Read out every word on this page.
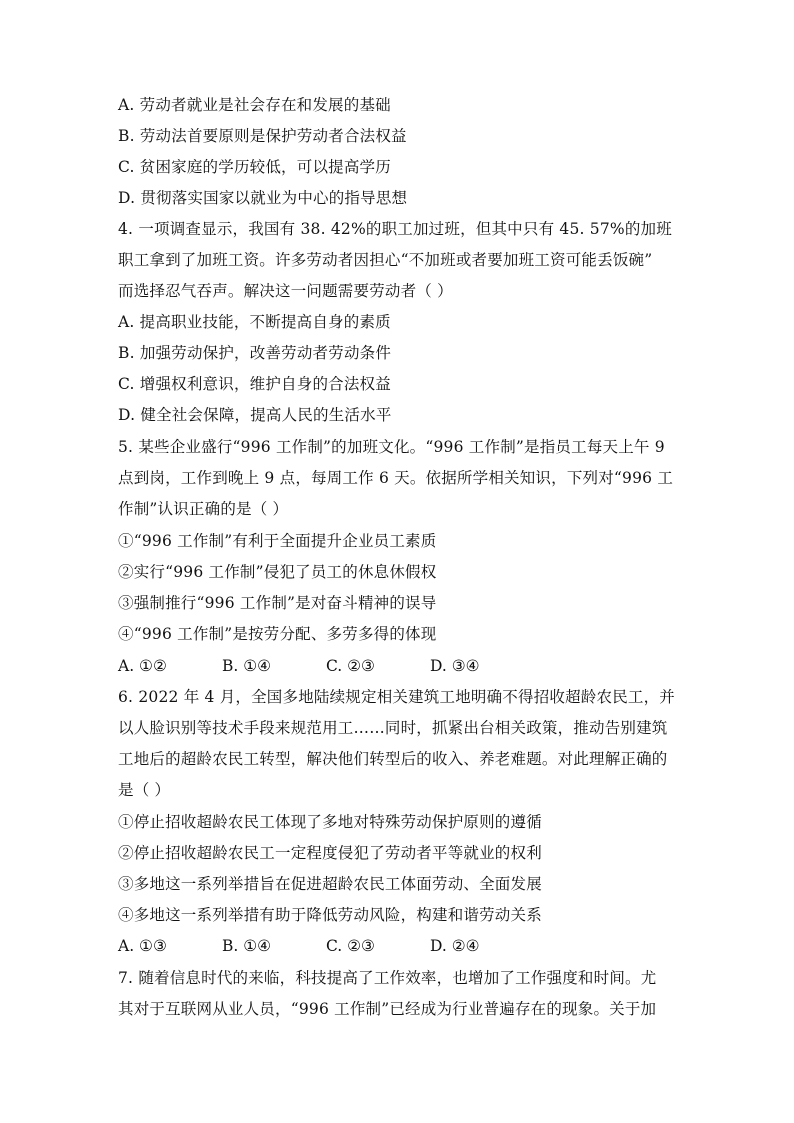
A. 劳动者就业是社会存在和发展的基础
B. 劳动法首要原则是保护劳动者合法权益
C. 贫困家庭的学历较低，可以提高学历
D. 贯彻落实国家以就业为中心的指导思想
4. 一项调查显示，我国有 38. 42%的职工加过班，但其中只有 45. 57%的加班
职工拿到了加班工资。许多劳动者因担心“不加班或者要加班工资可能丢饭碗”
而选择忍气吞声。解决这一问题需要劳动者（ ）
A. 提高职业技能，不断提高自身的素质
B. 加强劳动保护，改善劳动者劳动条件
C. 增强权利意识，维护自身的合法权益
D. 健全社会保障，提高人民的生活水平
5. 某些企业盛行“996 工作制”的加班文化。“996 工作制”是指员工每天上午 9
点到岗，工作到晚上 9 点，每周工作 6 天。依据所学相关知识，下列对“996 工
作制”认识正确的是（ ）
①“996 工作制”有利于全面提升企业员工素质
②实行“996 工作制”侵犯了员工的休息休假权
③强制推行“996 工作制”是对奋斗精神的误导
④“996 工作制”是按劳分配、多劳多得的体现
A. ①②	B. ①④	C. ②③	D. ③④
6. 2022 年 4 月，全国多地陆续规定相关建筑工地明确不得招收超龄农民工，并
以人脸识别等技术手段来规范用工……同时，抓紧出台相关政策，推动告别建筑
工地后的超龄农民工转型，解决他们转型后的收入、养老难题。对此理解正确的
是（ ）
①停止招收超龄农民工体现了多地对特殊劳动保护原则的遵循
②停止招收超龄农民工一定程度侵犯了劳动者平等就业的权利
③多地这一系列举措旨在促进超龄农民工体面劳动、全面发展
④多地这一系列举措有助于降低劳动风险，构建和谐劳动关系
A. ①③	B. ①④	C. ②③	D. ②④
7. 随着信息时代的来临，科技提高了工作效率，也增加了工作强度和时间。尤
其对于互联网从业人员，“996 工作制”已经成为行业普遍存在的现象。关于加
